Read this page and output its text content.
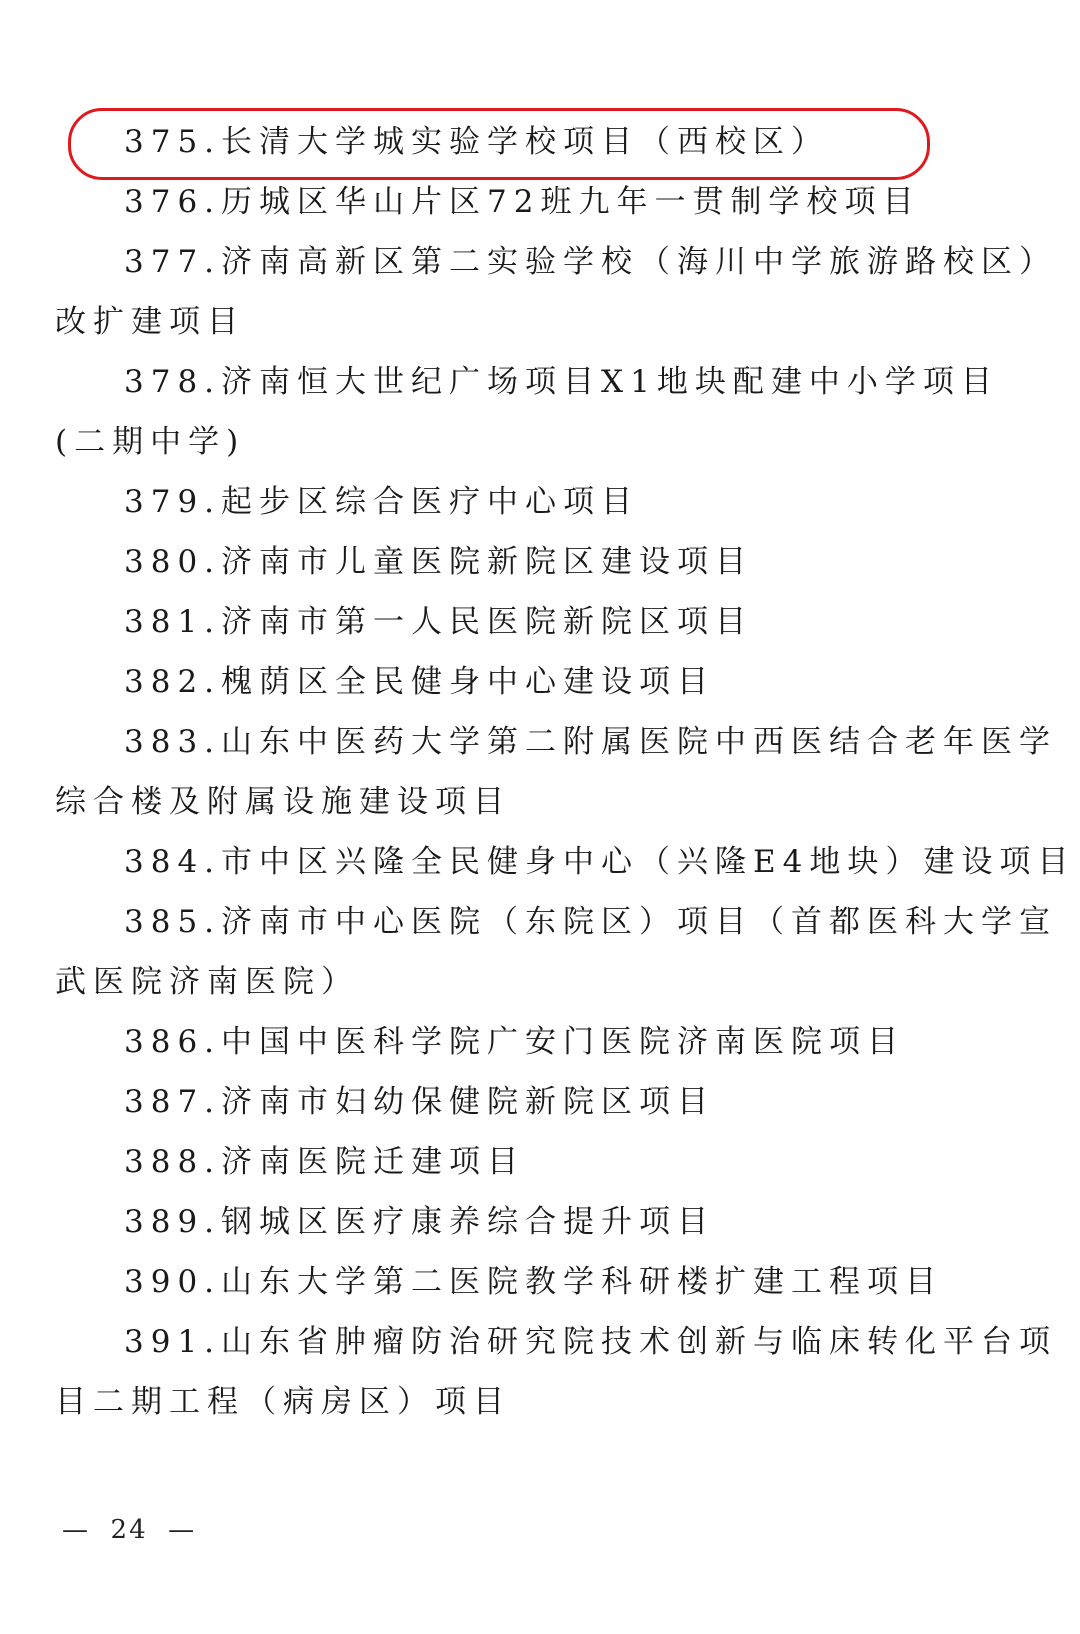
375.长清大学城实验学校项目（西校区）
376.历城区华山片区72班九年一贯制学校项目
377.济南高新区第二实验学校（海川中学旅游路校区）
改扩建项目
378.济南恒大世纪广场项目X1地块配建中小学项目
(二期中学)
379.起步区综合医疗中心项目
380.济南市儿童医院新院区建设项目
381.济南市第一人民医院新院区项目
382.槐荫区全民健身中心建设项目
383.山东中医药大学第二附属医院中西医结合老年医学
综合楼及附属设施建设项目
384.市中区兴隆全民健身中心（兴隆E4地块）建设项目
385.济南市中心医院（东院区）项目（首都医科大学宣
武医院济南医院）
386.中国中医科学院广安门医院济南医院项目
387.济南市妇幼保健院新院区项目
388.济南医院迁建项目
389.钢城区医疗康养综合提升项目
390.山东大学第二医院教学科研楼扩建工程项目
391.山东省肿瘤防治研究院技术创新与临床转化平台项
目二期工程（病房区）项目
—  24  —
